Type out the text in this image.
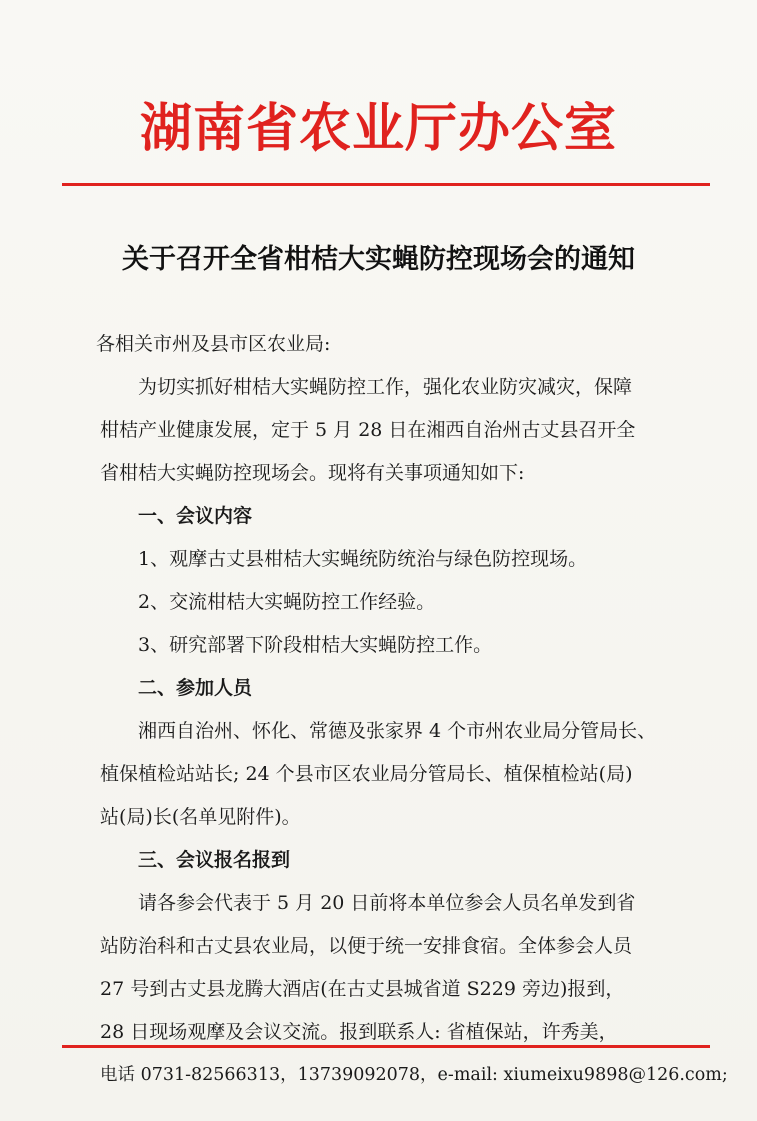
湖南省农业厅办公室
关于召开全省柑桔大实蝇防控现场会的通知
各相关市州及县市区农业局:
为切实抓好柑桔大实蝇防控工作，强化农业防灾减灾，保障
柑桔产业健康发展，定于 5 月 28 日在湘西自治州古丈县召开全
省柑桔大实蝇防控现场会。现将有关事项通知如下:
一、会议内容
1、观摩古丈县柑桔大实蝇统防统治与绿色防控现场。
2、交流柑桔大实蝇防控工作经验。
3、研究部署下阶段柑桔大实蝇防控工作。
二、参加人员
湘西自治州、怀化、常德及张家界 4 个市州农业局分管局长、
植保植检站站长; 24 个县市区农业局分管局长、植保植检站(局)
站(局)长(名单见附件)。
三、会议报名报到
请各参会代表于 5 月 20 日前将本单位参会人员名单发到省
站防治科和古丈县农业局，以便于统一安排食宿。全体参会人员
27 号到古丈县龙腾大酒店(在古丈县城省道 S229 旁边)报到，
28 日现场观摩及会议交流。报到联系人: 省植保站，许秀美，
电话 0731-82566313，13739092078，e-mail: xiumeixu9898@126.com;
